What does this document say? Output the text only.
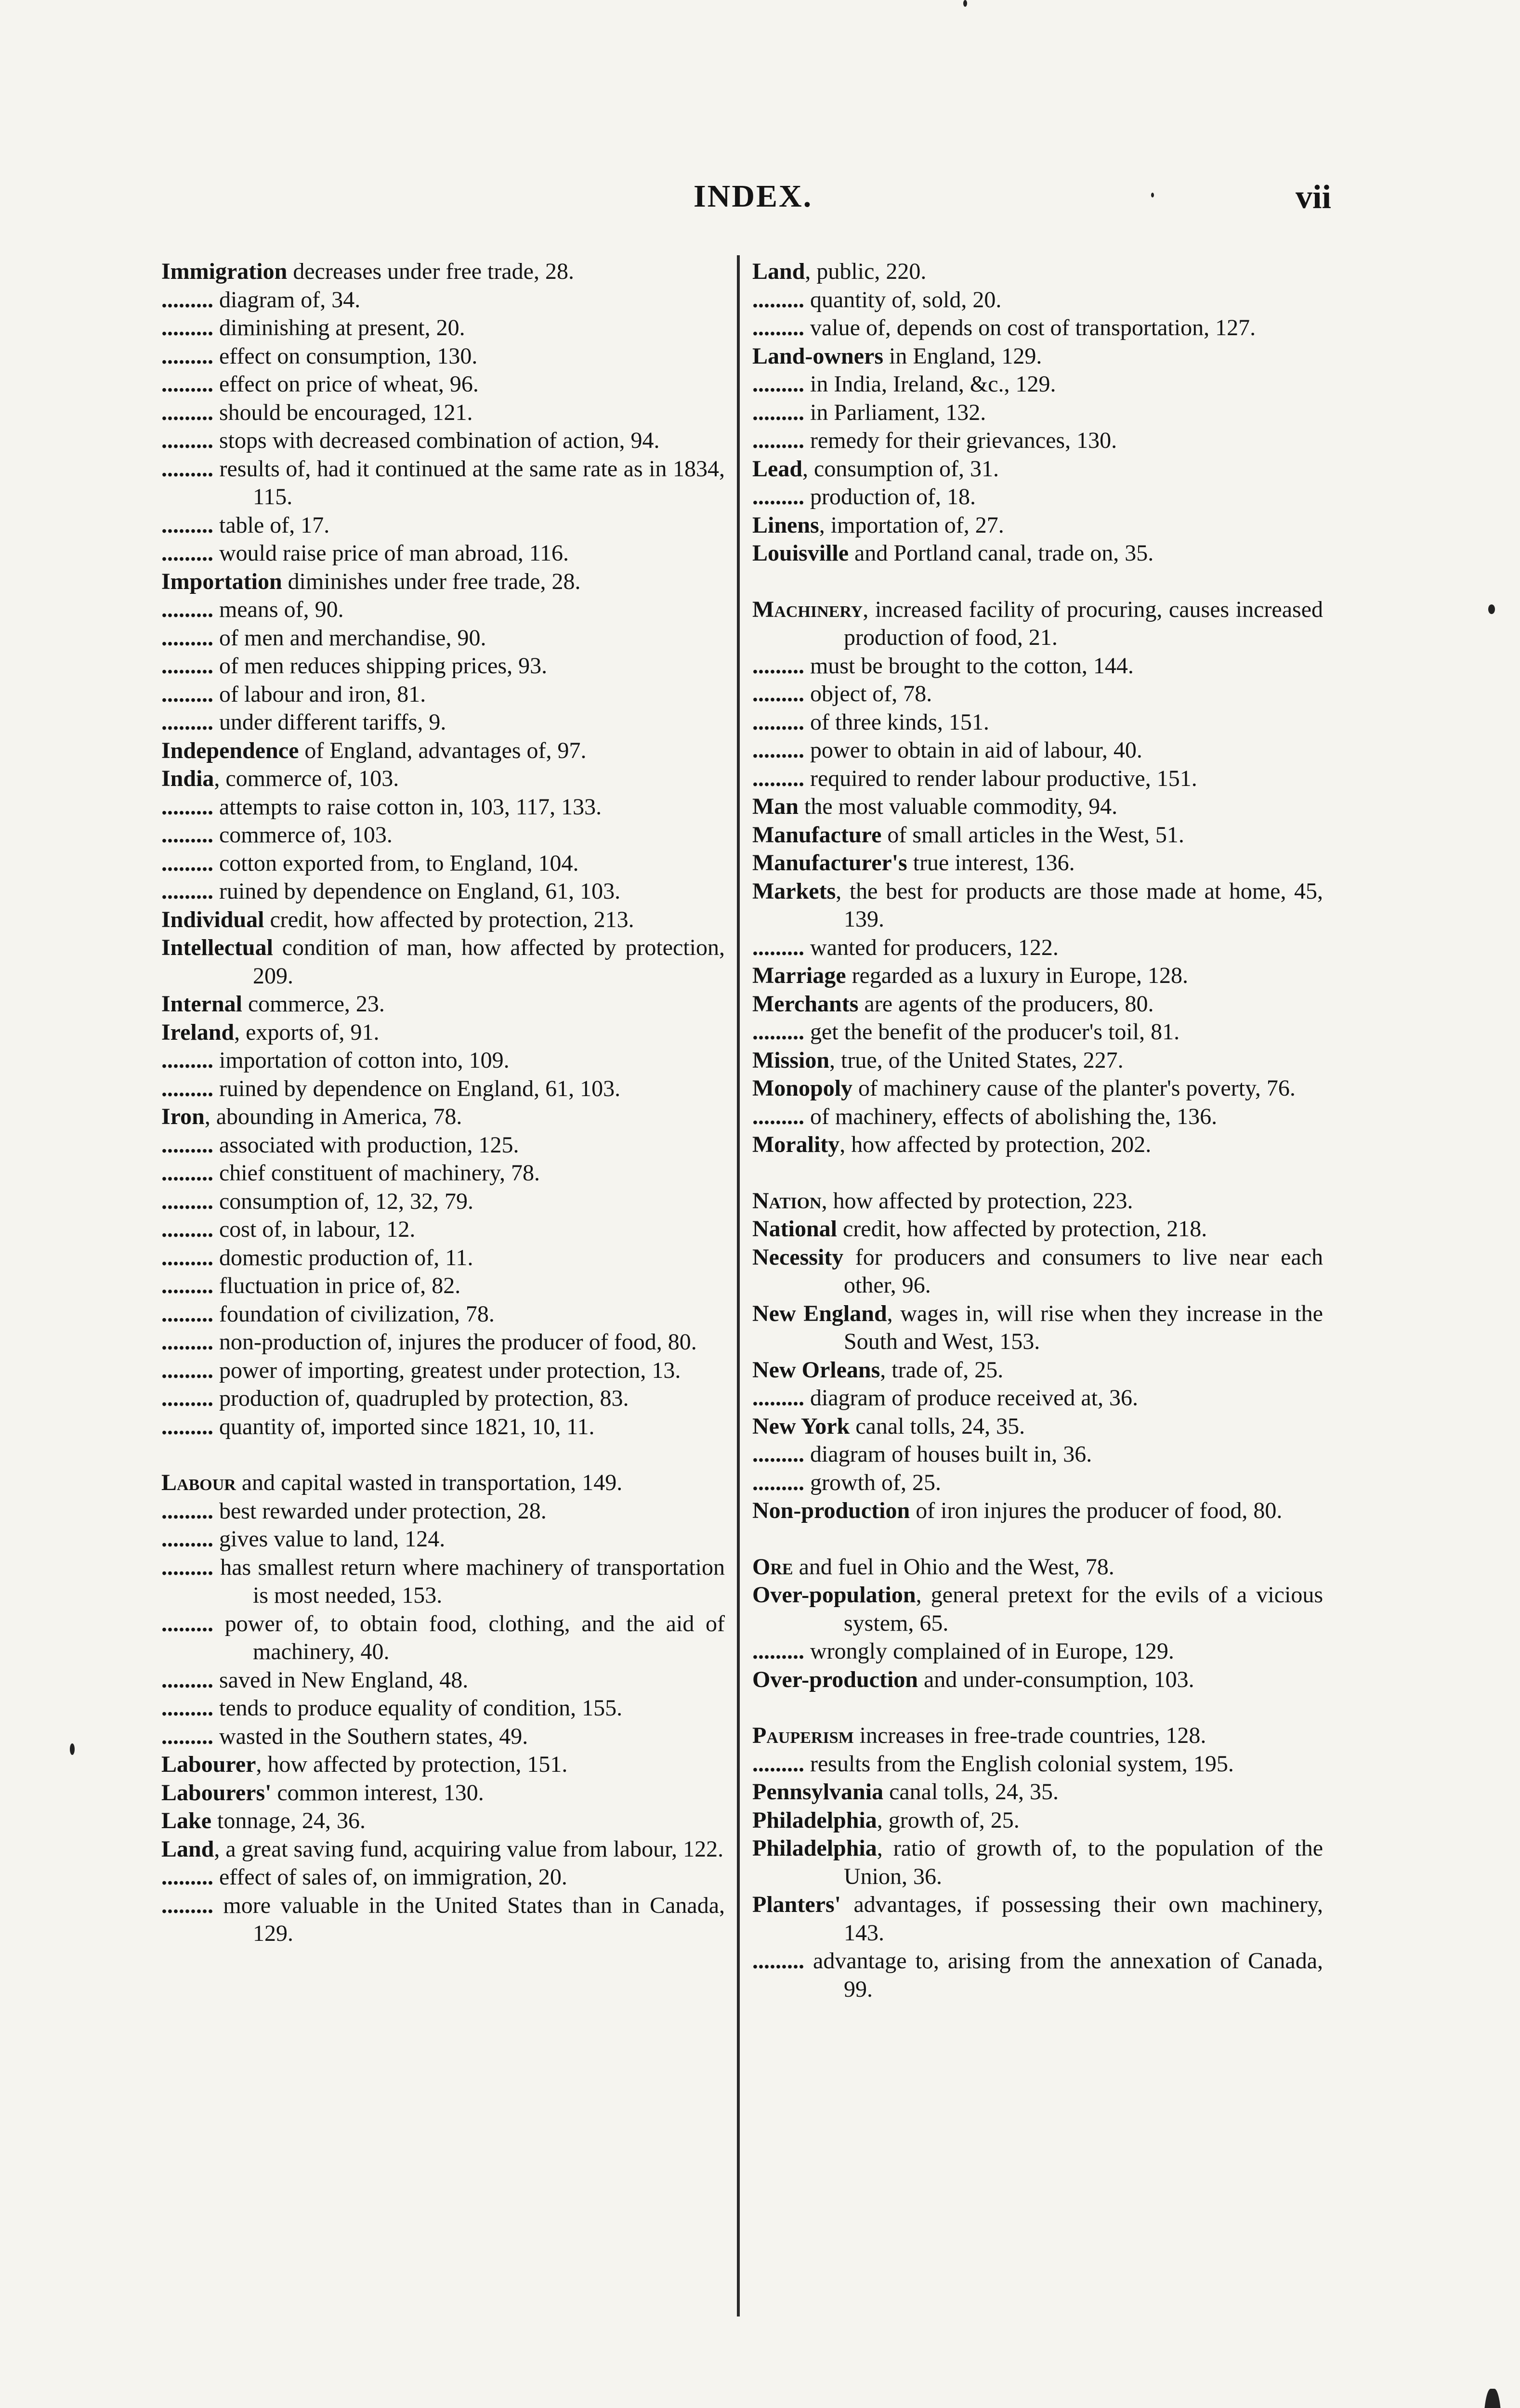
INDEX.	vii
Immigration decreases under free trade, 28.
......... diagram of, 34.
......... diminishing at present, 20.
......... effect on consumption, 130.
......... effect on price of wheat, 96.
......... should be encouraged, 121.
......... stops with decreased combination of action, 94.
......... results of, had it continued at the same rate as in 1834, 115.
......... table of, 17.
......... would raise price of man abroad, 116.
Importation diminishes under free trade, 28.
......... means of, 90.
......... of men and merchandise, 90.
......... of men reduces shipping prices, 93.
......... of labour and iron, 81.
......... under different tariffs, 9.
Independence of England, advantages of, 97.
India, commerce of, 103.
......... attempts to raise cotton in, 103, 117, 133.
......... commerce of, 103.
......... cotton exported from, to England, 104.
......... ruined by dependence on England, 61, 103.
Individual credit, how affected by protection, 213.
Intellectual condition of man, how affected by protection, 209.
Internal commerce, 23.
Ireland, exports of, 91.
......... importation of cotton into, 109.
......... ruined by dependence on England, 61, 103.
Iron, abounding in America, 78.
......... associated with production, 125.
......... chief constituent of machinery, 78.
......... consumption of, 12, 32, 79.
......... cost of, in labour, 12.
......... domestic production of, 11.
......... fluctuation in price of, 82.
......... foundation of civilization, 78.
......... non-production of, injures the producer of food, 80.
......... power of importing, greatest under protection, 13.
......... production of, quadrupled by protection, 83.
......... quantity of, imported since 1821, 10, 11.
Labour and capital wasted in transportation, 149.
......... best rewarded under protection, 28.
......... gives value to land, 124.
......... has smallest return where machinery of transportation is most needed, 153.
......... power of, to obtain food, clothing, and the aid of machinery, 40.
......... saved in New England, 48.
......... tends to produce equality of condition, 155.
......... wasted in the Southern states, 49.
Labourer, how affected by protection, 151.
Labourers' common interest, 130.
Lake tonnage, 24, 36.
Land, a great saving fund, acquiring value from labour, 122.
......... effect of sales of, on immigration, 20.
......... more valuable in the United States than in Canada, 129.
Land, public, 220.
......... quantity of, sold, 20.
......... value of, depends on cost of transportation, 127.
Land-owners in England, 129.
......... in India, Ireland, &c., 129.
......... in Parliament, 132.
......... remedy for their grievances, 130.
Lead, consumption of, 31.
......... production of, 18.
Linens, importation of, 27.
Louisville and Portland canal, trade on, 35.
Machinery, increased facility of procuring, causes increased production of food, 21.
......... must be brought to the cotton, 144.
......... object of, 78.
......... of three kinds, 151.
......... power to obtain in aid of labour, 40.
......... required to render labour productive, 151.
Man the most valuable commodity, 94.
Manufacture of small articles in the West, 51.
Manufacturer's true interest, 136.
Markets, the best for products are those made at home, 45, 139.
......... wanted for producers, 122.
Marriage regarded as a luxury in Europe, 128.
Merchants are agents of the producers, 80.
......... get the benefit of the producer's toil, 81.
Mission, true, of the United States, 227.
Monopoly of machinery cause of the planter's poverty, 76.
......... of machinery, effects of abolishing the, 136.
Morality, how affected by protection, 202.
Nation, how affected by protection, 223.
National credit, how affected by protection, 218.
Necessity for producers and consumers to live near each other, 96.
New England, wages in, will rise when they increase in the South and West, 153.
New Orleans, trade of, 25.
......... diagram of produce received at, 36.
New York canal tolls, 24, 35.
......... diagram of houses built in, 36.
......... growth of, 25.
Non-production of iron injures the producer of food, 80.
Ore and fuel in Ohio and the West, 78.
Over-population, general pretext for the evils of a vicious system, 65.
......... wrongly complained of in Europe, 129.
Over-production and under-consumption, 103.
Pauperism increases in free-trade countries, 128.
......... results from the English colonial system, 195.
Pennsylvania canal tolls, 24, 35.
Philadelphia, growth of, 25.
Philadelphia, ratio of growth of, to the population of the Union, 36.
Planters' advantages, if possessing their own machinery, 143.
......... advantage to, arising from the annexation of Canada, 99.
